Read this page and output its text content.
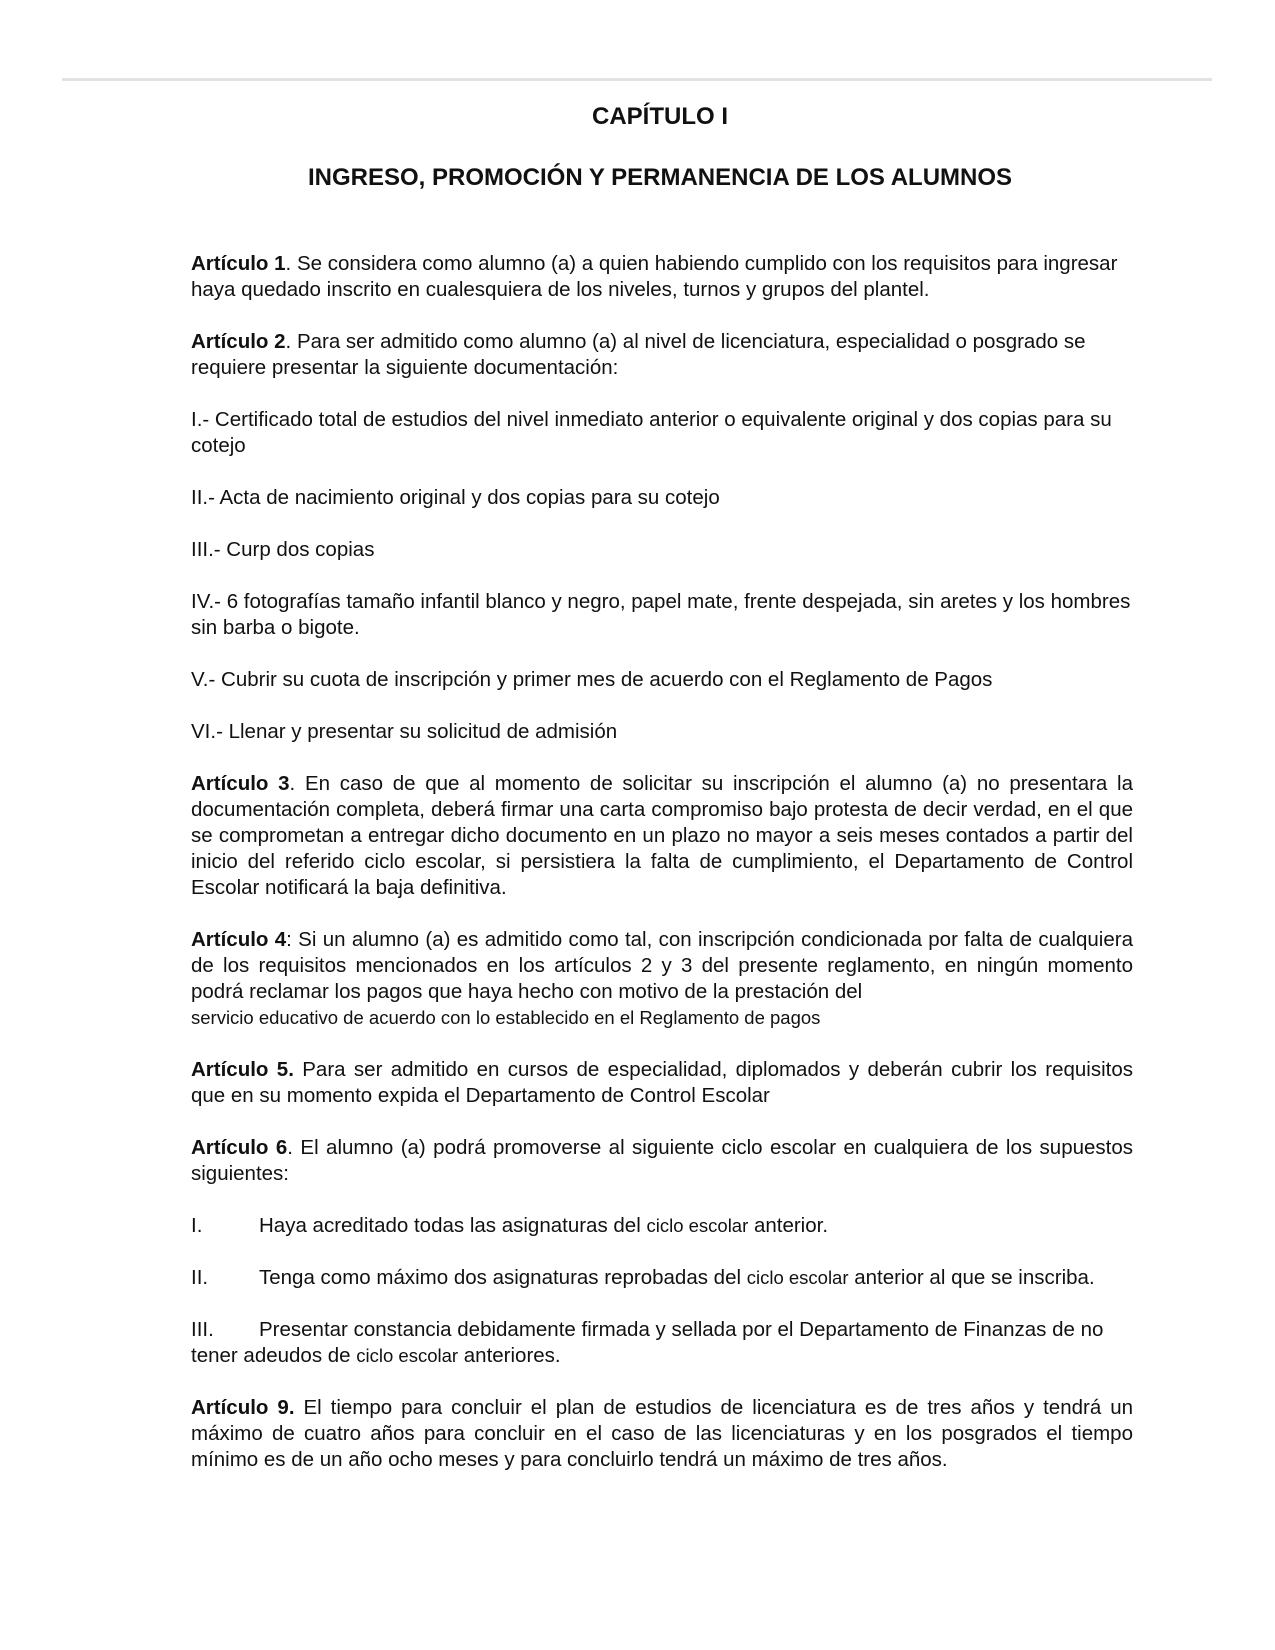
CAPÍTULO I
INGRESO, PROMOCIÓN Y PERMANENCIA DE LOS ALUMNOS

Artículo 1. Se considera como alumno (a) a quien habiendo cumplido con los requisitos para ingresar haya quedado inscrito en cualesquiera de los niveles, turnos y grupos del plantel.

Artículo 2. Para ser admitido como alumno (a) al nivel de licenciatura, especialidad o posgrado se requiere presentar la siguiente documentación:

I.- Certificado total de estudios del nivel inmediato anterior o equivalente original y dos copias para su cotejo

II.- Acta de nacimiento original y dos copias para su cotejo

III.- Curp dos copias

IV.- 6 fotografías tamaño infantil blanco y negro, papel mate, frente despejada, sin aretes y los hombres sin barba o bigote.

V.- Cubrir su cuota de inscripción y primer mes de acuerdo con el Reglamento de Pagos

VI.- Llenar y presentar su solicitud de admisión

Artículo 3. En caso de que al momento de solicitar su inscripción el alumno (a) no presentara la documentación completa, deberá firmar una carta compromiso bajo protesta de decir verdad, en el que se comprometan a entregar dicho documento en un plazo no mayor a seis meses contados a partir del inicio del referido ciclo escolar, si persistiera la falta de cumplimiento, el Departamento de Control Escolar notificará la baja definitiva.

Artículo 4: Si un alumno (a) es admitido como tal, con inscripción condicionada por falta de cualquiera de los requisitos mencionados en los artículos 2 y 3 del presente reglamento, en ningún momento podrá reclamar los pagos que haya hecho con motivo de la prestación del
servicio educativo de acuerdo con lo establecido en el Reglamento de pagos

Artículo 5. Para ser admitido en cursos de especialidad, diplomados y deberán cubrir los requisitos que en su momento expida el Departamento de Control Escolar

Artículo 6. El alumno (a) podrá promoverse al siguiente ciclo escolar en cualquiera de los supuestos siguientes:

I.	Haya acreditado todas las asignaturas del ciclo escolar anterior.

II. Tenga como máximo dos asignaturas reprobadas del ciclo escolar anterior al que se inscriba.

III. Presentar constancia debidamente firmada y sellada por el Departamento de Finanzas de no tener adeudos de ciclo escolar anteriores.

Artículo 9. El tiempo para concluir el plan de estudios de licenciatura es de tres años y tendrá un máximo de cuatro años para concluir en el caso de las licenciaturas y en los posgrados el tiempo mínimo es de un año ocho meses y para concluirlo tendrá un máximo de tres años.
